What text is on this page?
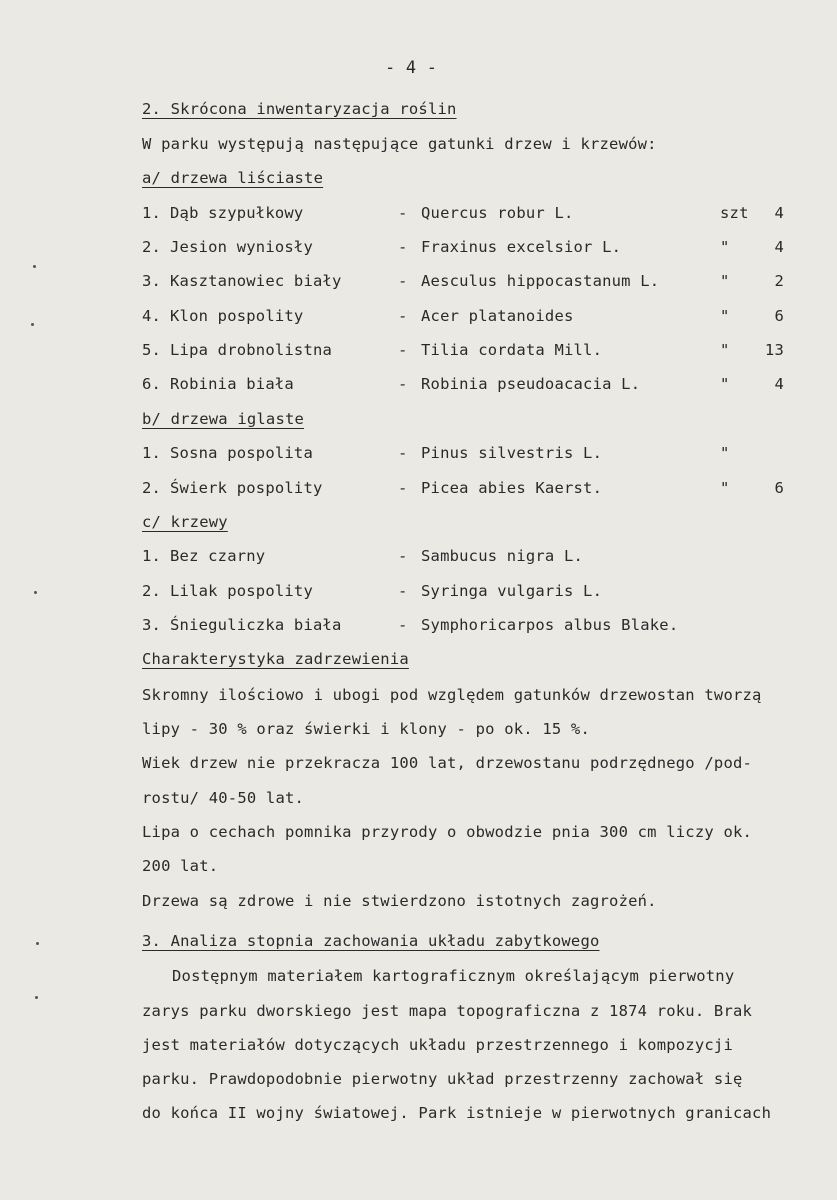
- 4 -
2. Skrócona inwentaryzacja roślin
W parku występują następujące gatunki drzew i krzewów:
a/ drzewa liściaste
1. Dąb szypułkowy	- Quercus robur L.	szt	4
2. Jesion wyniosły	- Fraxinus excelsior L.	"	4
3. Kasztanowiec biały	- Aesculus hippocastanum L.	"	2
4. Klon pospolity	- Acer platanoides	"	6
5. Lipa drobnolistna	- Tilia cordata Mill.	"	13
6. Robinia biała	- Robinia pseudoacacia L.	"	4
b/ drzewa iglaste
1. Sosna pospolita	- Pinus silvestris L.	"
2. Świerk pospolity	- Picea abies Kaerst.	"	6
c/ krzewy
1. Bez czarny	- Sambucus nigra L.
2. Lilak pospolity	- Syringa vulgaris L.
3. Śnieguliczka biała	- Symphoricarpos albus Blake.
Charakterystyka zadrzewienia
Skromny ilościowo i ubogi pod względem gatunków drzewostan tworzą
lipy - 30 % oraz świerki i klony - po ok. 15 %.
Wiek drzew nie przekracza 100 lat, drzewostanu podrzędnego /pod-
rostu/ 40-50 lat.
Lipa o cechach pomnika przyrody o obwodzie pnia 300 cm liczy ok.
200 lat.
Drzewa są zdrowe i nie stwierdzono istotnych zagrożeń.
3. Analiza stopnia zachowania układu zabytkowego
Dostępnym materiałem kartograficznym określającym pierwotny
zarys parku dworskiego jest mapa topograficzna z 1874 roku. Brak
jest materiałów dotyczących układu przestrzennego i kompozycji
parku. Prawdopodobnie pierwotny układ przestrzenny zachował się
do końca II wojny światowej. Park istnieje w pierwotnych granicach
